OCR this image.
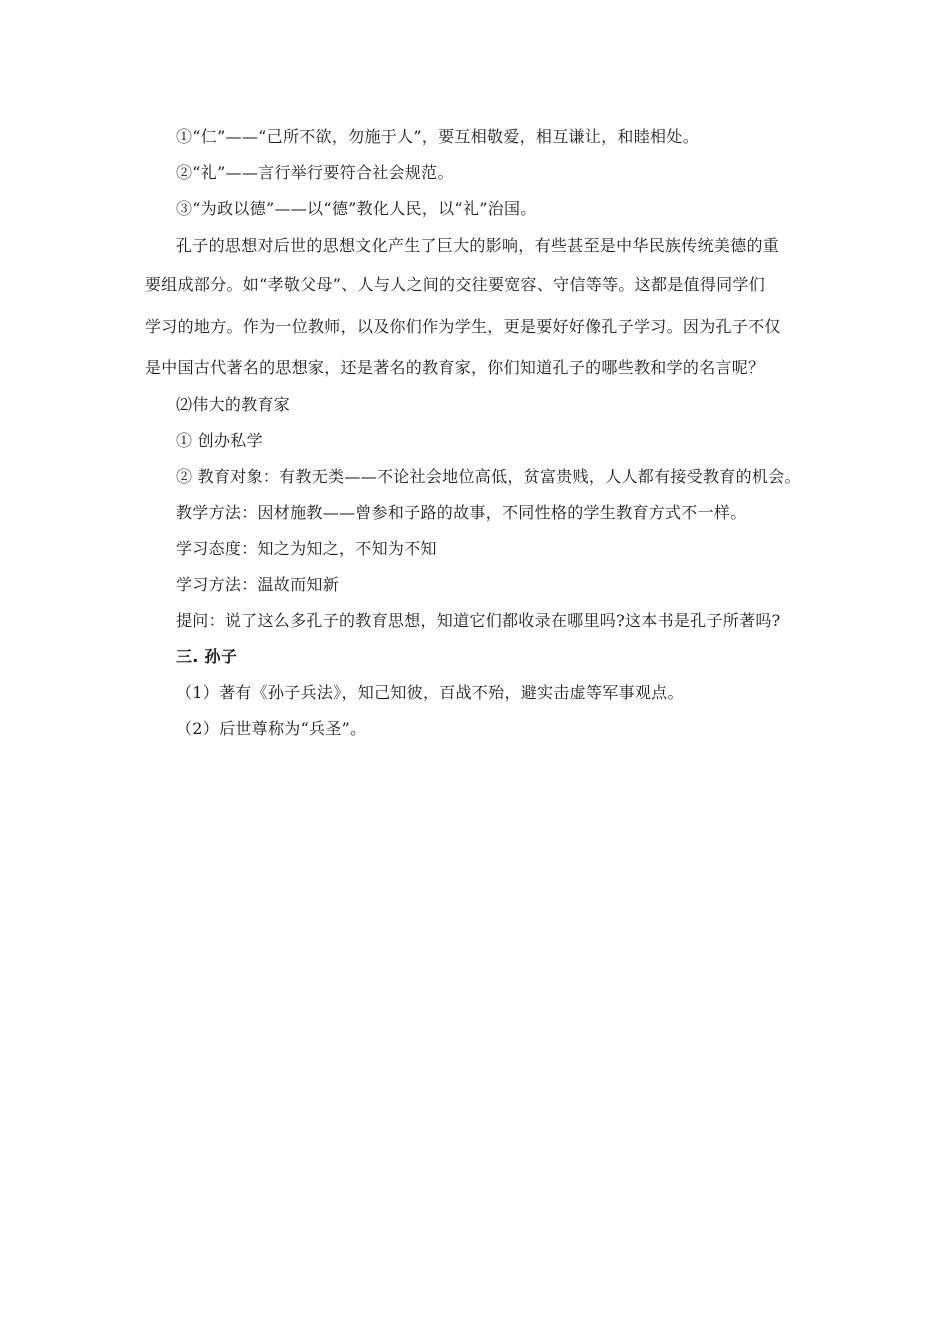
①“仁”——“己所不欲，勿施于人”，要互相敬爱，相互谦让，和睦相处。
②“礼”——言行举行要符合社会规范。
③“为政以德”——以“德”教化人民，以“礼”治国。
孔子的思想对后世的思想文化产生了巨大的影响，有些甚至是中华民族传统美德的重
要组成部分。如“孝敬父母”、人与人之间的交往要宽容、守信等等。这都是值得同学们
学习的地方。作为一位教师，以及你们作为学生，更是要好好像孔子学习。因为孔子不仅
是中国古代著名的思想家，还是著名的教育家，你们知道孔子的哪些教和学的名言呢？
⑵伟大的教育家
① 创办私学
② 教育对象：有教无类——不论社会地位高低，贫富贵贱，人人都有接受教育的机会。
教学方法：因材施教——曾参和子路的故事，不同性格的学生教育方式不一样。
学习态度：知之为知之，不知为不知
学习方法：温故而知新
提问：说了这么多孔子的教育思想，知道它们都收录在哪里吗?这本书是孔子所著吗?
三. 孙子
（1）著有《孙子兵法》，知己知彼，百战不殆，避实击虚等军事观点。
（2）后世尊称为“兵圣”。
